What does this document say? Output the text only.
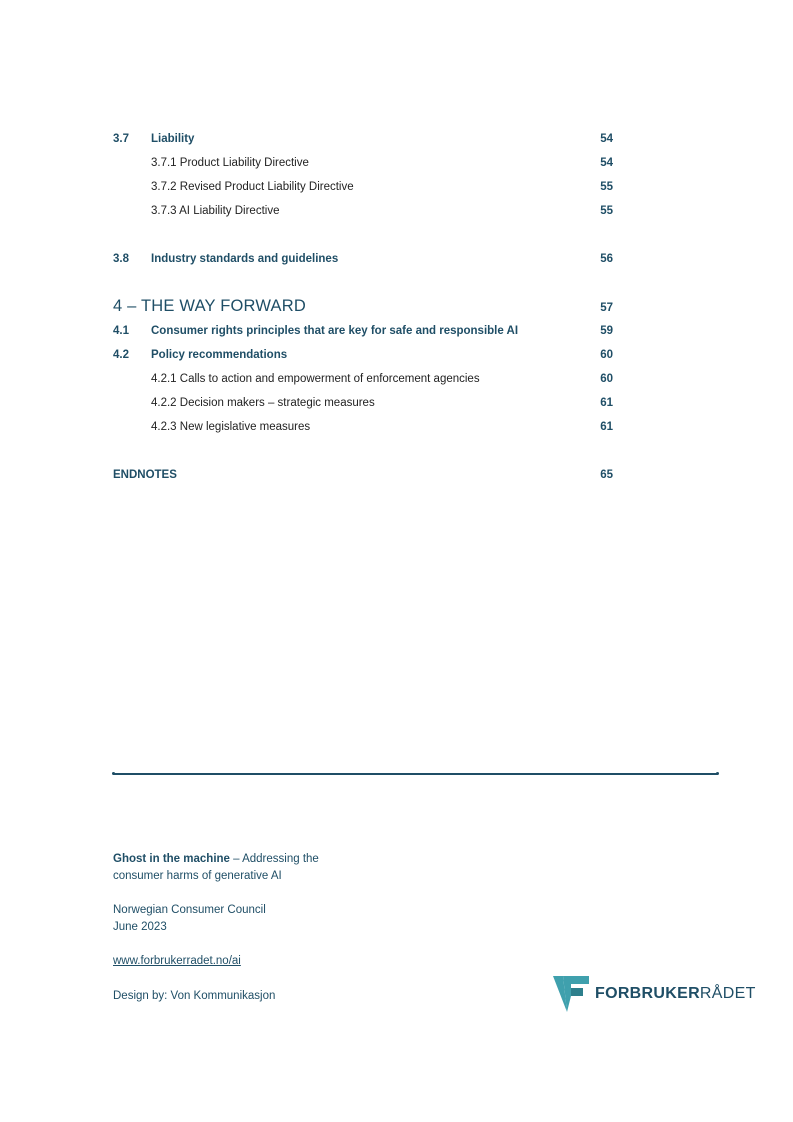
3.7 Liability	54
3.7.1 Product Liability Directive	54
3.7.2 Revised Product Liability Directive	55
3.7.3 AI Liability Directive	55
3.8 Industry standards and guidelines	56
4 – THE WAY FORWARD	57
4.1 Consumer rights principles that are key for safe and responsible AI	59
4.2 Policy recommendations	60
4.2.1 Calls to action and empowerment of enforcement agencies	60
4.2.2 Decision makers – strategic measures	61
4.2.3 New legislative measures	61
ENDNOTES	65

Ghost in the machine – Addressing the

consumer harms of generative AI

Norwegian Consumer Council

June 2023

www.forbrukerradet.no/ai

Design by: Von Kommunikasjon	FORBRUKERRÅDET
